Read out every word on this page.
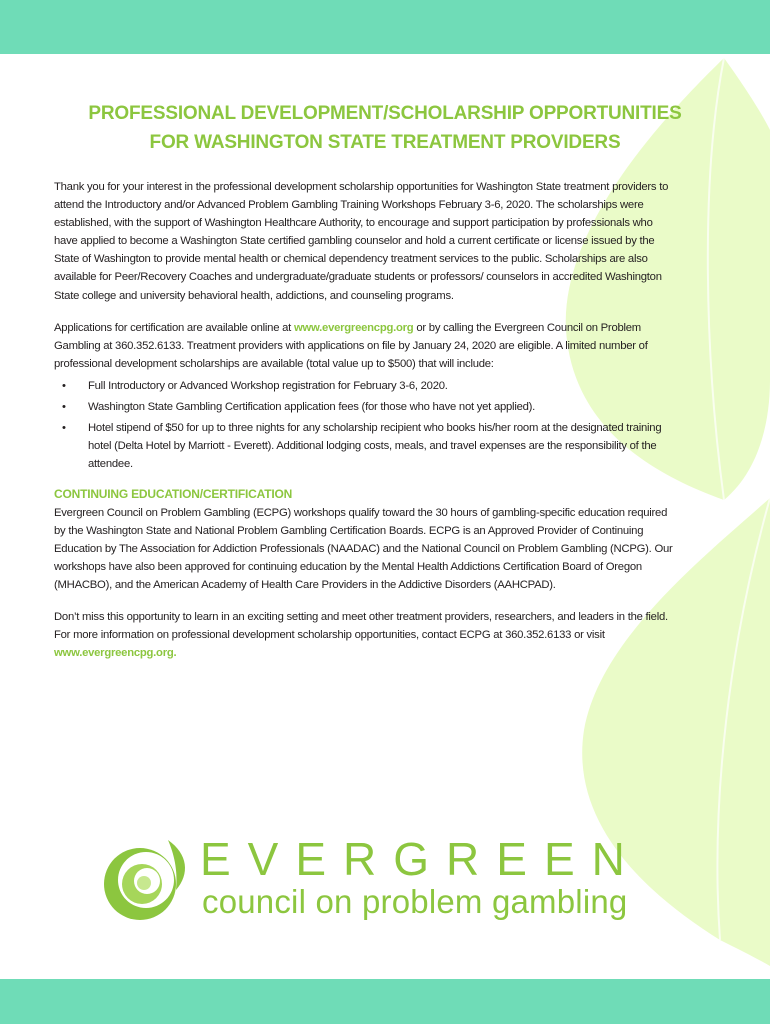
PROFESSIONAL DEVELOPMENT/SCHOLARSHIP OPPORTUNITIES
FOR WASHINGTON STATE TREATMENT PROVIDERS

Thank you for your interest in the professional development scholarship opportunities for Washington State treatment providers to attend the Introductory and/or Advanced Problem Gambling Training Workshops February 3-6, 2020. The scholarships were established, with the support of Washington Healthcare Authority, to encourage and support participation by professionals who have applied to become a Washington State certified gambling counselor and hold a current certificate or license issued by the State of Washington to provide mental health or chemical dependency treatment services to the public. Scholarships are also available for Peer/Recovery Coaches and undergraduate/graduate students or professors/ counselors in accredited Washington State college and university behavioral health, addictions, and counseling programs.

Applications for certification are available online at www.evergreencpg.org or by calling the Evergreen Council on Problem Gambling at 360.352.6133. Treatment providers with applications on file by January 24, 2020 are eligible. A limited number of professional development scholarships are available (total value up to $500) that will include:

• Full Introductory or Advanced Workshop registration for February 3-6, 2020.
• Washington State Gambling Certification application fees (for those who have not yet applied).
• Hotel stipend of $50 for up to three nights for any scholarship recipient who books his/her room at the designated training hotel (Delta Hotel by Marriott - Everett). Additional lodging costs, meals, and travel expenses are the responsibility of the attendee.

CONTINUING EDUCATION/CERTIFICATION

Evergreen Council on Problem Gambling (ECPG) workshops qualify toward the 30 hours of gambling-specific education required by the Washington State and National Problem Gambling Certification Boards. ECPG is an Approved Provider of Continuing Education by The Association for Addiction Professionals (NAADAC) and the National Council on Problem Gambling (NCPG). Our workshops have also been approved for continuing education by the Mental Health Addictions Certification Board of Oregon (MHACBO), and the American Academy of Health Care Providers in the Addictive Disorders (AAHCPAD).

Don’t miss this opportunity to learn in an exciting setting and meet other treatment providers, researchers, and leaders in the field. For more information on professional development scholarship opportunities, contact ECPG at 360.352.6133 or visit www.evergreencpg.org.

EVERGREEN
council on problem gambling
